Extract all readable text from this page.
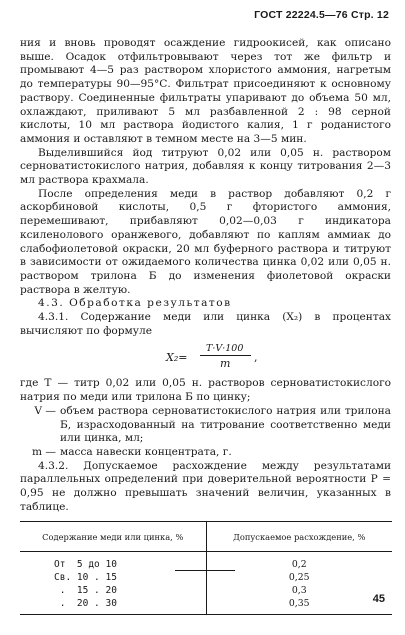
ГОСТ 22224.5—76 Стр. 12

ния и вновь проводят осаждение гидроокисей, как описано выше. Осадок отфильтровывают через тот же фильтр и промывают 4—5 раз раствором хлористого аммония, нагретым до температуры 90—95°С. Фильтрат присоединяют к основному раствору. Соединенные фильтраты упаривают до объема 50 мл, охлаждают, приливают 5 мл разбавленной 2 : 98 серной кислоты, 10 мл раствора йодистого калия, 1 г роданистого аммония и оставляют в темном месте на 3—5 мин.

Выделившийся йод титруют 0,02 или 0,05 н. раствором серноватистокислого натрия, добавляя к концу титрования 2—3 мл раствора крахмала.

После определения меди в раствор добавляют 0,2 г аскорбиновой кислоты, 0,5 г фтористого аммония, перемешивают, прибавляют 0,02—0,03 г индикатора ксиленолового оранжевого, добавляют по каплям аммиак до слабофиолетовой окраски, 20 мл буферного раствора и титруют в зависимости от ожидаемого количества цинка 0,02 или 0,05 н. раствором трилона Б до изменения фиолетовой окраски раствора в желтую.

4.3. Обработка результатов

4.3.1. Содержание меди или цинка (X₂) в процентах вычисляют по формуле

X₂=
T·V·100
m ,
где T — титр 0,02 или 0,05 н. растворов серноватистокислого натрия по меди или трилона Б по цинку;
V — объем раствора серноватистокислого натрия или трилона Б, израсходованный на титрование соответственно меди или цинка, мл;
m — масса навески концентрата, г.

4.3.2. Допускаемое расхождение между результатами параллельных определений при доверительной вероятности P = 0,95 не должно превышать значений величин, указанных в таблице.

Содержание меди или цинка, %	Допускаемое расхождение, %
От  5 до 10	0,2
Св. 10 . 15	0,25
.  15 . 20	0,3
.  20 . 30	0,35	45
